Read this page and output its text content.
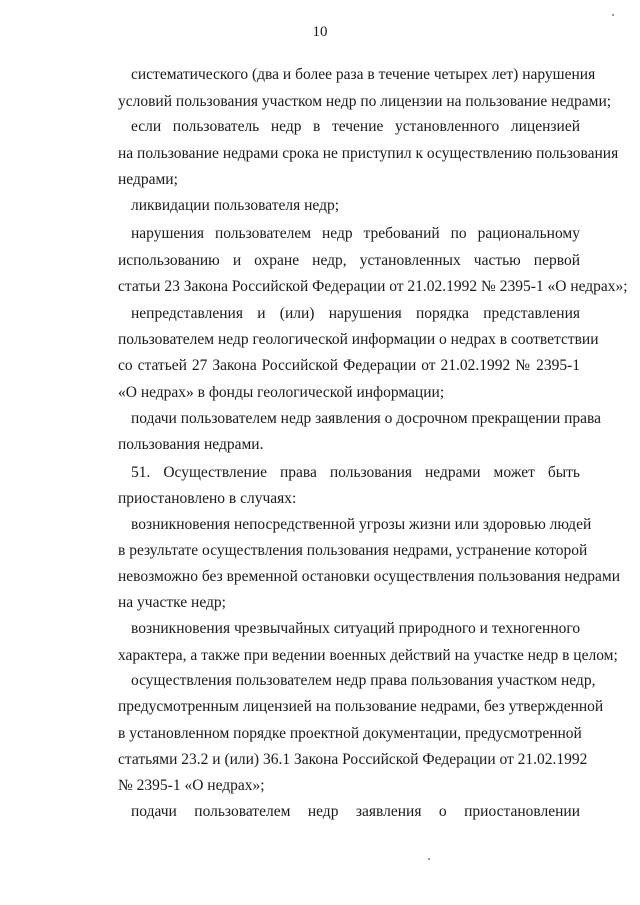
10
систематического (два и более раза в течение четырех лет) нарушения
условий пользования участком недр по лицензии на пользование недрами;
если пользователь недр в течение установленного лицензией
на пользование недрами срока не приступил к осуществлению пользования
недрами;
ликвидации пользователя недр;
нарушения пользователем недр требований по рациональному
использованию и охране недр, установленных частью первой
статьи 23 Закона Российской Федерации от 21.02.1992 № 2395-1 «О недрах»;
непредставления и (или) нарушения порядка представления
пользователем недр геологической информации о недрах в соответствии
со статьей 27 Закона Российской Федерации от 21.02.1992 № 2395-1
«О недрах» в фонды геологической информации;
подачи пользователем недр заявления о досрочном прекращении права
пользования недрами.
51. Осуществление права пользования недрами может быть
приостановлено в случаях:
возникновения непосредственной угрозы жизни или здоровью людей
в результате осуществления пользования недрами, устранение которой
невозможно без временной остановки осуществления пользования недрами
на участке недр;
возникновения чрезвычайных ситуаций природного и техногенного
характера, а также при ведении военных действий на участке недр в целом;
осуществления пользователем недр права пользования участком недр,
предусмотренным лицензией на пользование недрами, без утвержденной
в установленном порядке проектной документации, предусмотренной
статьями 23.2 и (или) 36.1 Закона Российской Федерации от 21.02.1992
№ 2395-1 «О недрах»;
подачи пользователем недр заявления о приостановлении
